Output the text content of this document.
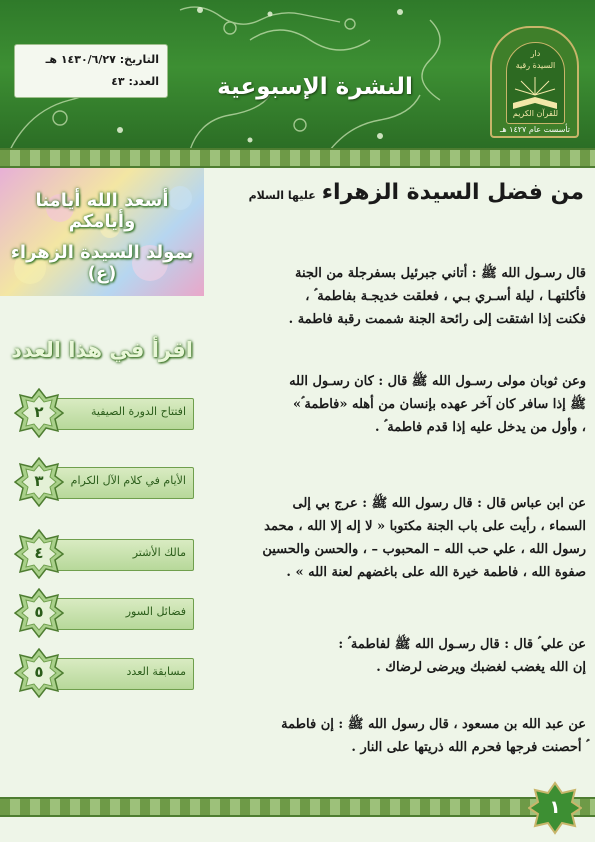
التاريخ: ١٤٣٠/٦/٢٧ هـ
العدد: ٤٣	النشرة الإسبوعية
دار
السيدة رقية
للقرآن الكريم
تأسست عام ١٤٢٧ هـ
أسعد الله أيامنا وأيامكم
بمولد السيدة الزهراء (ع)
اقرأ في هذا العدد
افتتاح الدورة الصيفية
٢
الأيام في كلام الآل الكرام
٣
مالك الأشتر
٤
فضائل السور
٥
مسابقة العدد
٥
من فضل السيدة الزهراءعليها السلام
قال رسـول الله ﷺ : أتاني جبرئيل بسفرجلة من الجنة
فأكلتهـا ، ليلة أسـري بـي ، فعلقت خديجـة بفاطمة ؑ ،
فكنت إذا اشتقت إلى رائحة الجنة شممت رقبة فاطمة .
وعن ثوبان مولى رسـول الله ﷺ قال : كان رسـول الله
ﷺ إذا سافر كان آخر عهده بإنسان من أهله «فاطمة ؑ»
، وأول من يدخل عليه إذا قدم فاطمة ؑ .
عن ابن عباس قال : قال رسول الله ﷺ : عرج بي إلى
السماء ، رأيت على باب الجنة مكتوبا « لا إله إلا الله ، محمد
رسول الله ، علي حب الله – المحبوب – ، والحسن والحسين
صفوة الله ، فاطمة خيرة الله على باغضهم لعنة الله » .
عن علي ؑ قال : قال رسـول الله ﷺ لفاطمة ؑ :
إن الله يغضب لغضبك ويرضى لرضاك .
عن عبد الله بن مسعود ، قال رسول الله ﷺ : إن فاطمة
ؑ أحصنت فرجها فحرم الله ذريتها على النار .
١
